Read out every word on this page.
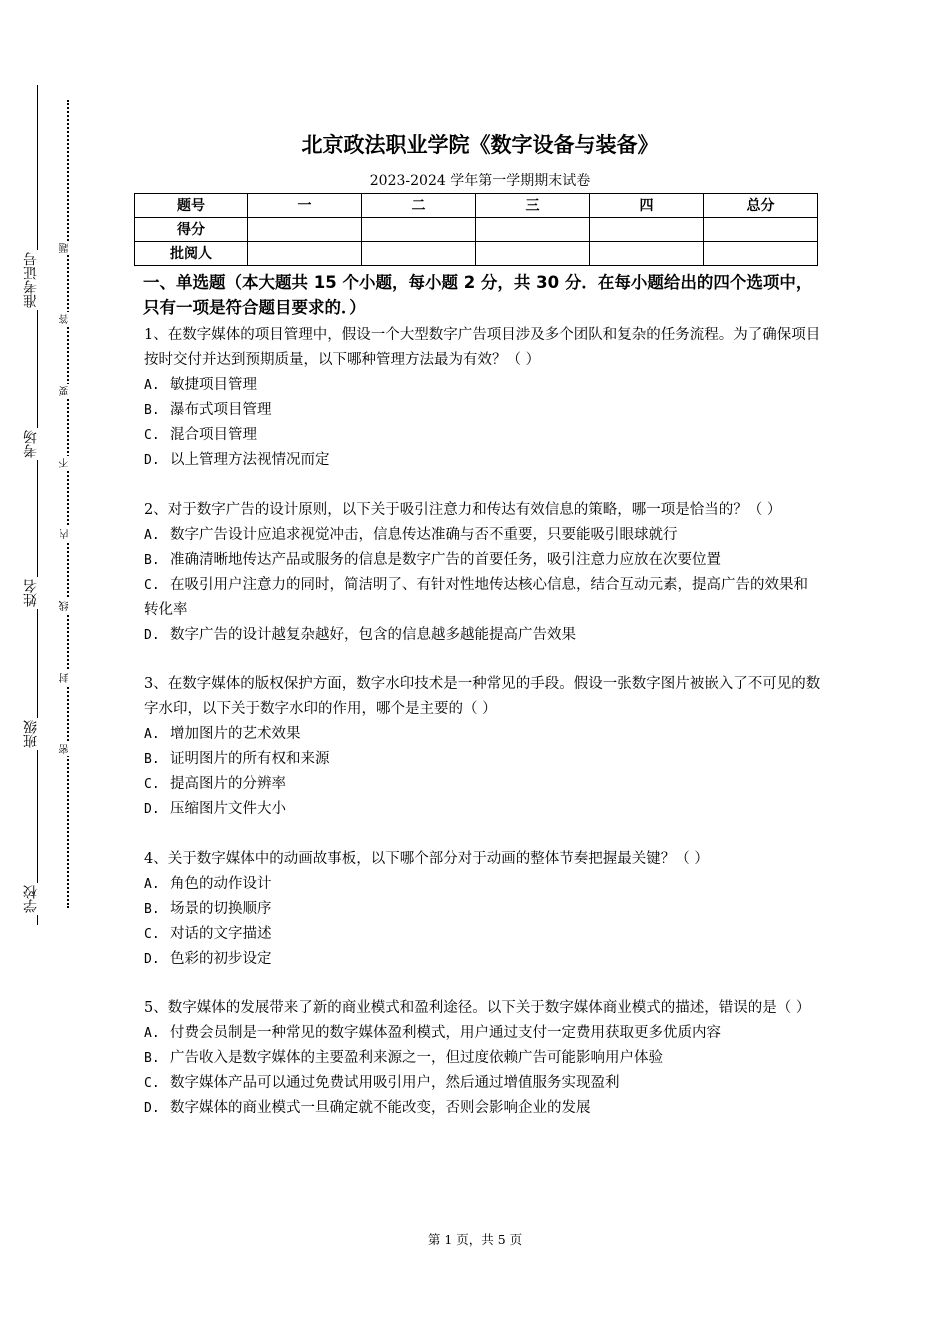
准考证号
考场
姓名
班级
学校
题
答
要
不
内
线
封
密
北京政法职业学院《数字设备与装备》
2023-2024 学年第一学期期末试卷
题号	一	二	三	四	总分
得分					
批阅人					
一、单选题（本大题共 15 个小题，每小题 2 分，共 30 分．在每小题给出的四个选项中，只有一项是符合题目要求的．）
1、在数字媒体的项目管理中，假设一个大型数字广告项目涉及多个团队和复杂的任务流程。为了确保项目按时交付并达到预期质量，以下哪种管理方法最为有效？（ ）
A. 敏捷项目管理
B. 瀑布式项目管理
C. 混合项目管理
D. 以上管理方法视情况而定
2、对于数字广告的设计原则，以下关于吸引注意力和传达有效信息的策略，哪一项是恰当的？（ ）
A. 数字广告设计应追求视觉冲击，信息传达准确与否不重要，只要能吸引眼球就行
B. 准确清晰地传达产品或服务的信息是数字广告的首要任务，吸引注意力应放在次要位置
C. 在吸引用户注意力的同时，简洁明了、有针对性地传达核心信息，结合互动元素，提高广告的效果和转化率
D. 数字广告的设计越复杂越好，包含的信息越多越能提高广告效果
3、在数字媒体的版权保护方面，数字水印技术是一种常见的手段。假设一张数字图片被嵌入了不可见的数字水印，以下关于数字水印的作用，哪个是主要的（ ）
A. 增加图片的艺术效果
B. 证明图片的所有权和来源
C. 提高图片的分辨率
D. 压缩图片文件大小
4、关于数字媒体中的动画故事板，以下哪个部分对于动画的整体节奏把握最关键？（ ）
A. 角色的动作设计
B. 场景的切换顺序
C. 对话的文字描述
D. 色彩的初步设定
5、数字媒体的发展带来了新的商业模式和盈利途径。以下关于数字媒体商业模式的描述，错误的是（ ）
A. 付费会员制是一种常见的数字媒体盈利模式，用户通过支付一定费用获取更多优质内容
B. 广告收入是数字媒体的主要盈利来源之一，但过度依赖广告可能影响用户体验
C. 数字媒体产品可以通过免费试用吸引用户，然后通过增值服务实现盈利
D. 数字媒体的商业模式一旦确定就不能改变，否则会影响企业的发展
第 1 页，共 5 页
